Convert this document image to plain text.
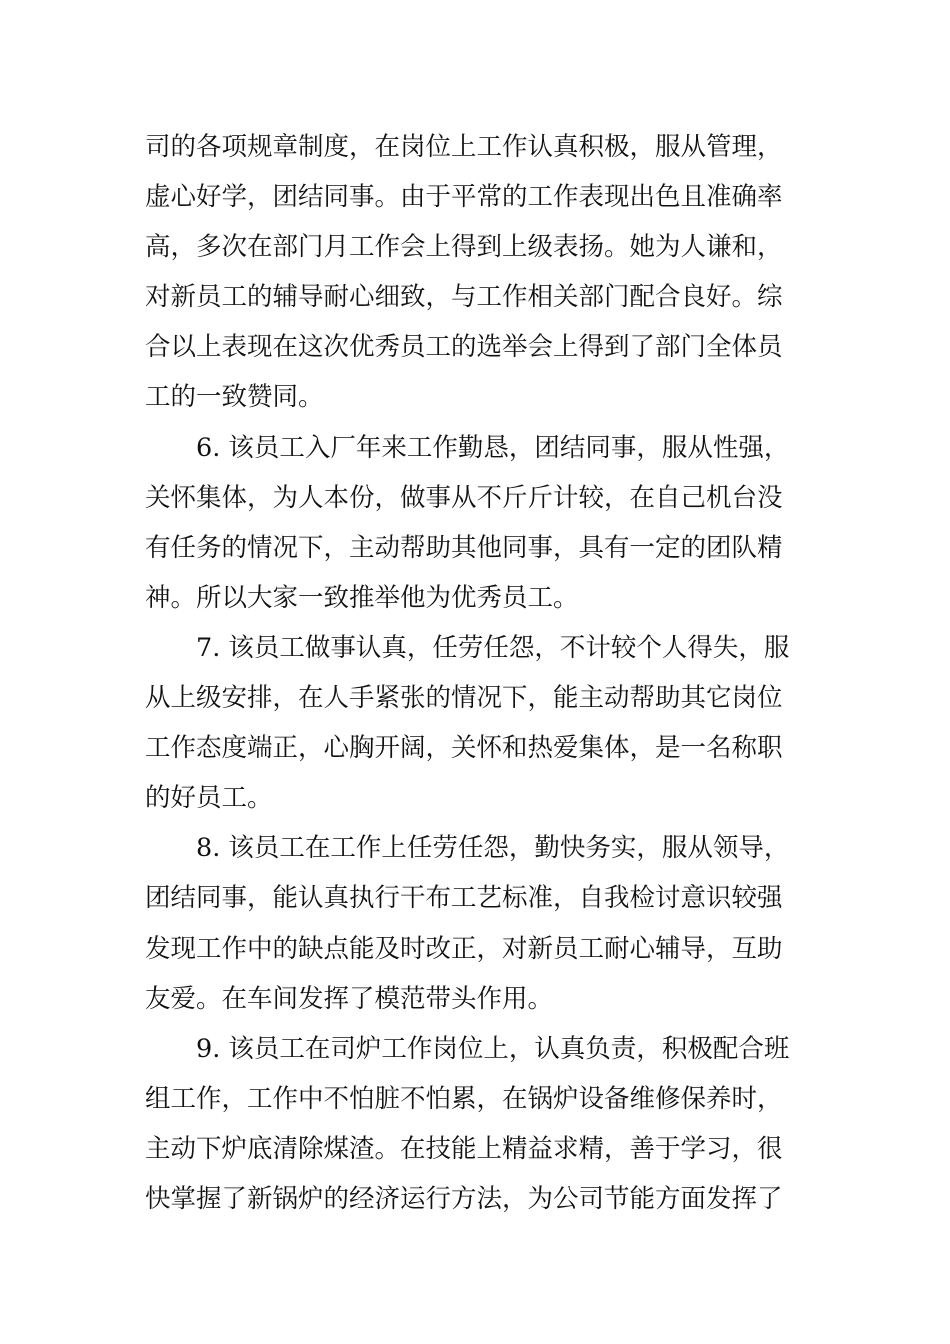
司的各项规章制度，在岗位上工作认真积极，服从管理，
虚心好学，团结同事。由于平常的工作表现出色且准确率
高，多次在部门月工作会上得到上级表扬。她为人谦和，
对新员工的辅导耐心细致，与工作相关部门配合良好。综
合以上表现在这次优秀员工的选举会上得到了部门全体员
工的一致赞同。
6. 该员工入厂年来工作勤恳，团结同事，服从性强，
关怀集体，为人本份，做事从不斤斤计较，在自己机台没
有任务的情况下，主动帮助其他同事，具有一定的团队精
神。所以大家一致推举他为优秀员工。
7. 该员工做事认真，任劳任怨，不计较个人得失，服
从上级安排，在人手紧张的情况下，能主动帮助其它岗位
工作态度端正，心胸开阔，关怀和热爱集体，是一名称职
的好员工。
8. 该员工在工作上任劳任怨，勤快务实，服从领导，
团结同事，能认真执行干布工艺标准，自我检讨意识较强
发现工作中的缺点能及时改正，对新员工耐心辅导，互助
友爱。在车间发挥了模范带头作用。
9. 该员工在司炉工作岗位上，认真负责，积极配合班
组工作，工作中不怕脏不怕累，在锅炉设备维修保养时，
主动下炉底清除煤渣。在技能上精益求精，善于学习，很
快掌握了新锅炉的经济运行方法，为公司节能方面发挥了
